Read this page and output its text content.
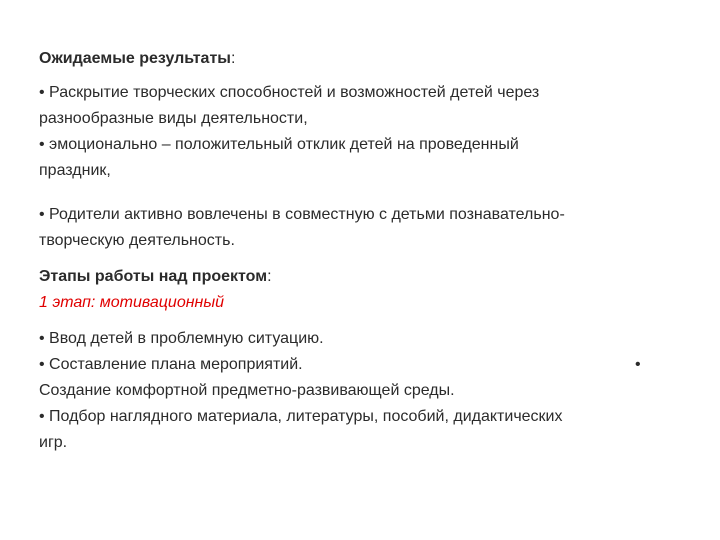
Ожидаемые результаты:

• Раскрытие творческих способностей и возможностей детей через
разнообразные виды деятельности,
• эмоционально – положительный отклик детей на проведенный
праздник,
• Родители активно вовлечены в совместную с детьми познавательно-
творческую деятельность.

Этапы работы над проектом:

1 этап: мотивационный

• Ввод детей в проблемную ситуацию.
• Составление плана мероприятий.	•
Создание комфортной предметно-развивающей среды.
• Подбор наглядного материала, литературы, пособий, дидактических
игр.
